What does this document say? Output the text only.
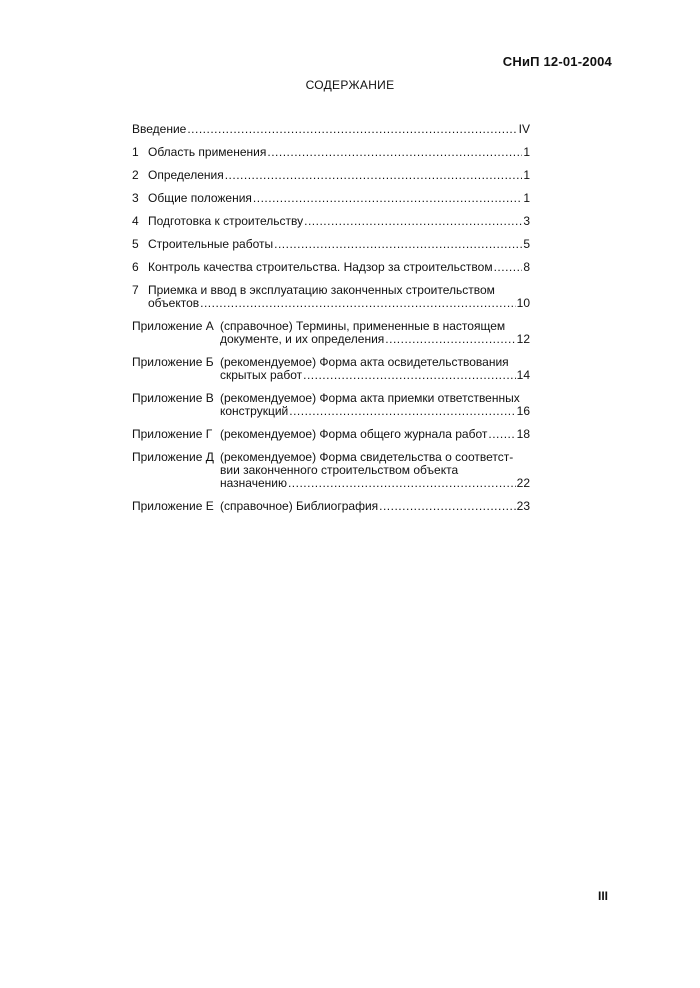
СНиП 12-01-2004
СОДЕРЖАНИЕ
Введение .....	IV
1 Область применения .....	1
2 Определения .....	1
3 Общие положения .....	1
4 Подготовка к строительству .....	3
5 Строительные работы .....	5
6 Контроль качества строительства. Надзор за строительством .....	8
7 Приемка и ввод в эксплуатацию законченных строительством
объектов .....	10
Приложение А (справочное) Термины, примененные в настоящем
документе, и их определения .....	12
Приложение Б (рекомендуемое) Форма акта освидетельствования
скрытых работ .....	14
Приложение В (рекомендуемое) Форма акта приемки ответственных
конструкций .....	16
Приложение Г (рекомендуемое) Форма общего журнала работ ..... 18
Приложение Д (рекомендуемое) Форма свидетельства о соответст-
вии законченного строительством объекта
назначению .....	22
Приложение Е (справочное) Библиография .....	23
III
